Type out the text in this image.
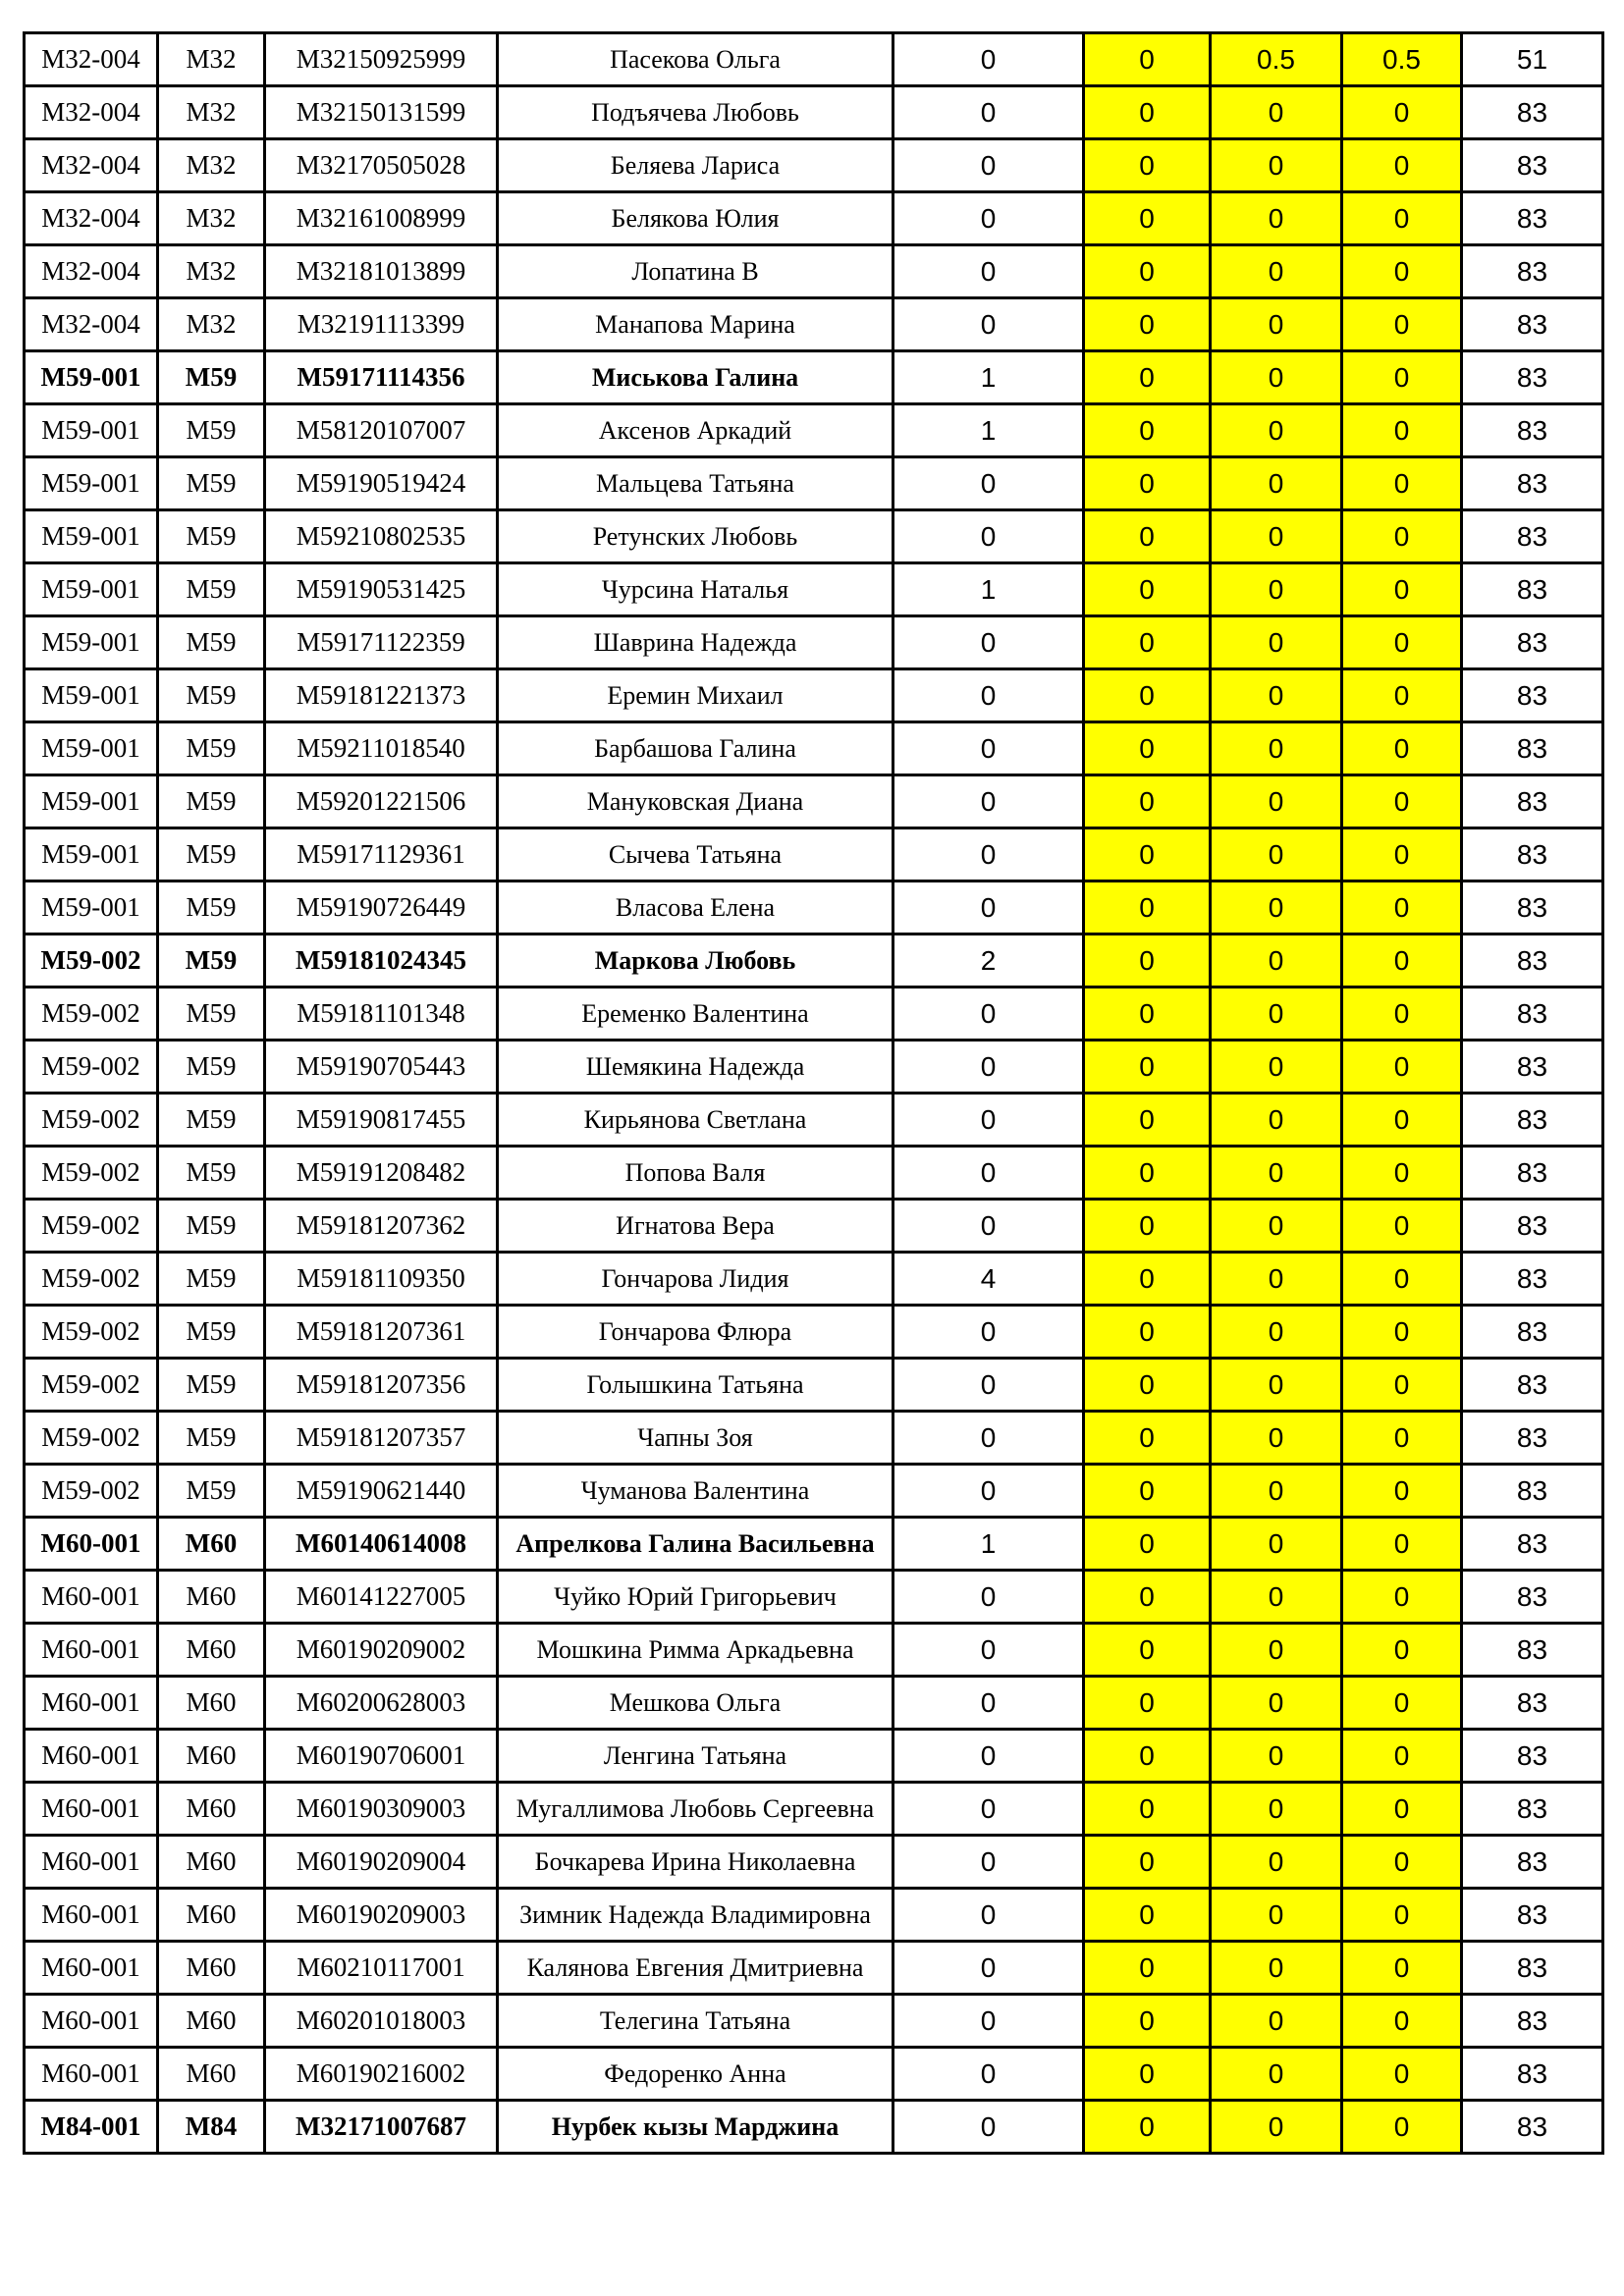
M32-004	M32	M32150925999	Пасекова Ольга	0	0	0.5	0.5	51
M32-004	M32	M32150131599	Подъячева Любовь	0	0	0	0	83
M32-004	M32	M32170505028	Беляева Лариса	0	0	0	0	83
M32-004	M32	M32161008999	Белякова Юлия	0	0	0	0	83
M32-004	M32	M32181013899	Лопатина В	0	0	0	0	83
M32-004	M32	M32191113399	Манапова Марина	0	0	0	0	83
M59-001	M59	M59171114356	Миськова Галина	1	0	0	0	83
M59-001	M59	M58120107007	Аксенов Аркадий	1	0	0	0	83
M59-001	M59	M59190519424	Мальцева Татьяна	0	0	0	0	83
M59-001	M59	M59210802535	Ретунских Любовь	0	0	0	0	83
M59-001	M59	M59190531425	Чурсина Наталья	1	0	0	0	83
M59-001	M59	M59171122359	Шаврина Надежда	0	0	0	0	83
M59-001	M59	M59181221373	Еремин Михаил	0	0	0	0	83
M59-001	M59	M59211018540	Барбашова Галина	0	0	0	0	83
M59-001	M59	M59201221506	Мануковская Диана	0	0	0	0	83
M59-001	M59	M59171129361	Сычева Татьяна	0	0	0	0	83
M59-001	M59	M59190726449	Власова Елена	0	0	0	0	83
M59-002	M59	M59181024345	Маркова Любовь	2	0	0	0	83
M59-002	M59	M59181101348	Еременко Валентина	0	0	0	0	83
M59-002	M59	M59190705443	Шемякина Надежда	0	0	0	0	83
M59-002	M59	M59190817455	Кирьянова Светлана	0	0	0	0	83
M59-002	M59	M59191208482	Попова Валя	0	0	0	0	83
M59-002	M59	M59181207362	Игнатова Вера	0	0	0	0	83
M59-002	M59	M59181109350	Гончарова Лидия	4	0	0	0	83
M59-002	M59	M59181207361	Гончарова Флюра	0	0	0	0	83
M59-002	M59	M59181207356	Голышкина Татьяна	0	0	0	0	83
M59-002	M59	M59181207357	Чапны Зоя	0	0	0	0	83
M59-002	M59	M59190621440	Чуманова Валентина	0	0	0	0	83
M60-001	M60	M60140614008	Апрелкова Галина Васильевна	1	0	0	0	83
M60-001	M60	M60141227005	Чуйко Юрий Григорьевич	0	0	0	0	83
M60-001	M60	M60190209002	Мошкина Римма Аркадьевна	0	0	0	0	83
M60-001	M60	M60200628003	Мешкова Ольга	0	0	0	0	83
M60-001	M60	M60190706001	Ленгина Татьяна	0	0	0	0	83
M60-001	M60	M60190309003	Мугаллимова Любовь Сергеевна	0	0	0	0	83
M60-001	M60	M60190209004	Бочкарева Ирина Николаевна	0	0	0	0	83
M60-001	M60	M60190209003	Зимник Надежда Владимировна	0	0	0	0	83
M60-001	M60	M60210117001	Калянова Евгения Дмитриевна	0	0	0	0	83
M60-001	M60	M60201018003	Телегина Татьяна	0	0	0	0	83
M60-001	M60	M60190216002	Федоренко Анна	0	0	0	0	83
M84-001	M84	M32171007687	Нурбек кызы Марджина	0	0	0	0	83
